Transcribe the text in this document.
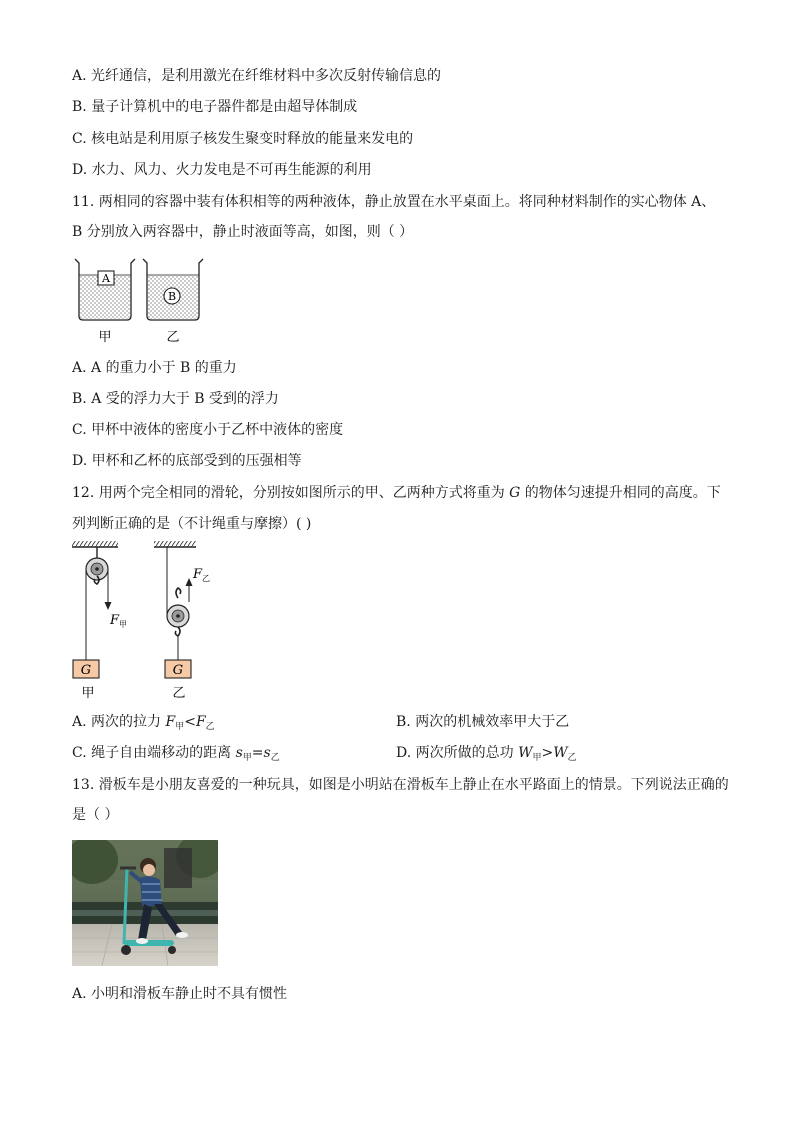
A. 光纤通信，是利用激光在纤维材料中多次反射传输信息的
B. 量子计算机中的电子器件都是由超导体制成
C. 核电站是利用原子核发生聚变时释放的能量来发电的
D. 水力、风力、火力发电是不可再生能源的利用
11. 两相同的容器中装有体积相等的两种液体，静止放置在水平桌面上。将同种材料制作的实心物体 A、
B 分别放入两容器中，静止时液面等高，如图，则（ ）
A
甲
B
乙
A. A 的重力小于 B 的重力
B. A 受的浮力大于 B 受到的浮力
C. 甲杯中液体的密度小于乙杯中液体的密度
D. 甲杯和乙杯的底部受到的压强相等
12. 用两个完全相同的滑轮，分别按如图所示的甲、乙两种方式将重为 G 的物体匀速提升相同的高度。下
列判断正确的是（不计绳重与摩擦）( )
$F_甲$
G
甲
$F_乙$
G
乙
A. 两次的拉力 $F_甲<F_乙$	B. 两次的机械效率甲大于乙
C. 绳子自由端移动的距离 $s_甲=s_乙$	D. 两次所做的总功 $W_甲>W_乙$
13. 滑板车是小朋友喜爱的一种玩具，如图是小明站在滑板车上静止在水平路面上的情景。下列说法正确的
是（ ）
A. 小明和滑板车静止时不具有惯性
